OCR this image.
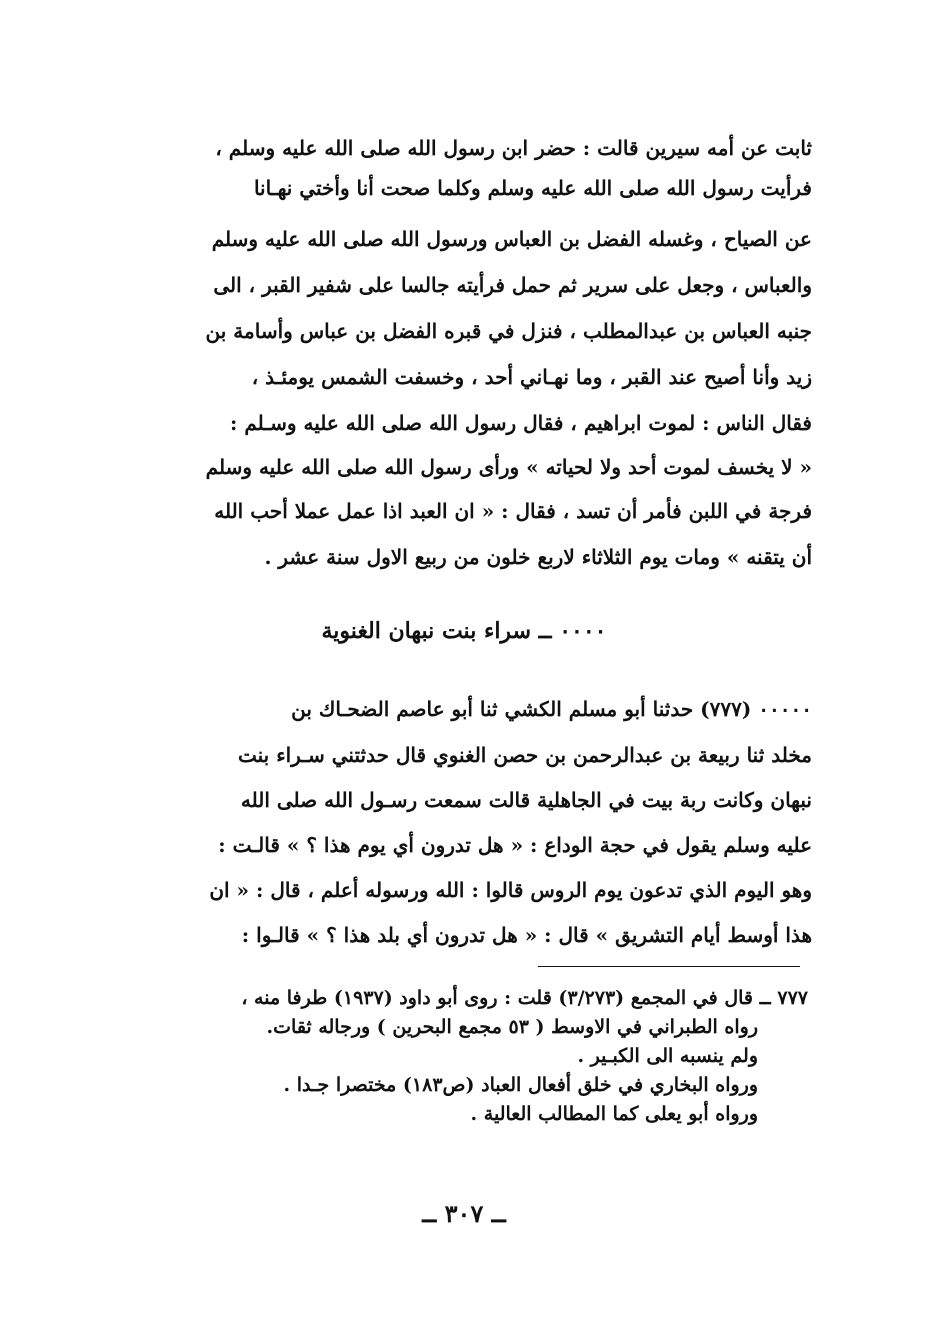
ثابت عن أمه سيرين قالت : حضر ابن رسول الله صلى الله عليه وسلم ،
فرأيت رسول الله صلى الله عليه وسلم وكلما صحت أنا وأختي نهـانا
عن الصياح ، وغسله الفضل بن العباس ورسول الله صلى الله عليه وسلم
والعباس ، وجعل على سرير ثم حمل فرأيته جالسا على شفير القبر ، الى
جنبه العباس بن عبدالمطلب ، فنزل في قبره الفضل بن عباس وأسامة بن
زيد وأنا أصيح عند القبر ، وما نهـاني أحد ، وخسفت الشمس يومئـذ ،
فقال الناس : لموت ابراهيم ، فقال رسول الله صلى الله عليه وسـلم :
« لا يخسف لموت أحد ولا لحياته » ورأى رسول الله صلى الله عليه وسلم
فرجة في اللبن فأمر أن تسد ، فقال : « ان العبد اذا عمل عملا أحب الله
أن يتقنه » ومات يوم الثلاثاء لاربع خلون من ربيع الاول سنة عشر .
٠٠٠٠٠ (٧٧٧) حدثنا أبو مسلم الكشي ثنا أبو عاصم الضحـاك بن
مخلد ثنا ربيعة بن عبدالرحمن بن حصن الغنوي قال حدثتني سـراء بنت
نبهان وكانت ربة بيت في الجاهلية قالت سمعت رسـول الله صلى الله
عليه وسلم يقول في حجة الوداع : « هل تدرون أي يوم هذا ؟ » قالـت :
وهو اليوم الذي تدعون يوم الروس قالوا : الله ورسوله أعلم ، قال : « ان
هذا أوسط أيام التشريق » قال : « هل تدرون أي بلد هذا ؟ » قالـوا :
٠٠٠٠ ــ سراء بنت نبهان الغنوية
٧٧٧ ــ قال في المجمع (٣/٢٧٣) قلت : روى أبو داود (١٩٣٧) طرفا منه ،
رواه الطبراني في الاوسط ( ٥٣ مجمع البحرين ) ورجاله ثقات.
ولم ينسبه الى الكبـير .
ورواه البخاري في خلق أفعال العباد (ص١٨٣) مختصرا جـدا .
ورواه أبو يعلى كما المطالب العالية .
ــ ٣٠٧ ــ
